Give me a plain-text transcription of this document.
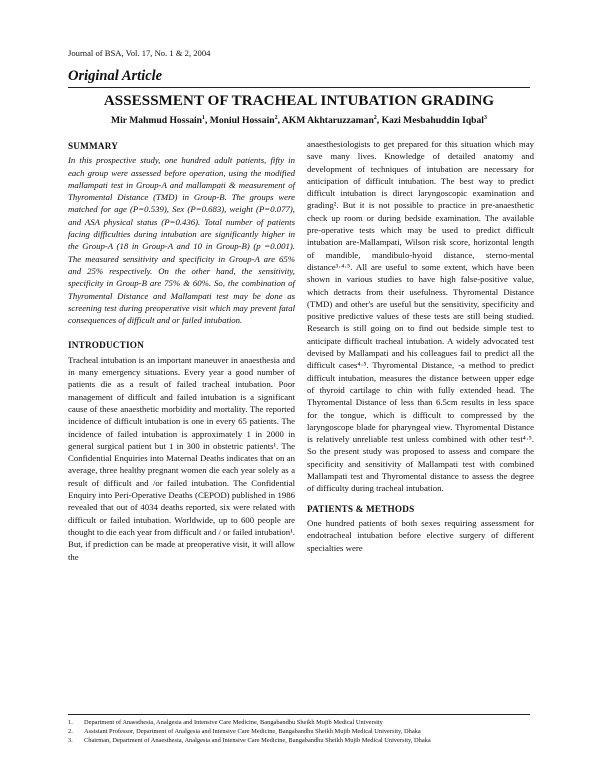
Journal of BSA, Vol. 17, No. 1 & 2, 2004
Original Article
ASSESSMENT OF TRACHEAL INTUBATION GRADING
Mir Mahmud Hossain$^1$, Moniul Hossain$^2$, AKM Akhtaruzzaman$^2$, Kazi Mesbahuddin Iqbal$^3$
SUMMARY

In this prospective study, one hundred adult patients, fifty in each group were assessed before operation, using the modified mallampati test in Group-A and mallampati & measurement of Thyromental Distance (TMD) in Group-B. The groups were matched for age (P=0.539), Sex (P=0.683), weight (P=0.077), and ASA physical status (P=0.436). Total number of patients facing difficulties during intubation are significantly higher in the Group-A (18 in Group-A and 10 in Group-B) (p =0.001). The measured sensitivity and specificity in Group-A are 65% and 25% respectively. On the other hand, the sensitivity, specificity in Group-B are 75% & 60%. So, the combination of Thyromental Distance and Mallampati test may be done as screening test during preoperative visit which may prevent fatal consequences of difficult and or failed intubation.

INTRODUCTION

Tracheal intubation is an important maneuver in anaesthesia and in many emergency situations. Every year a good number of patients die as a result of failed tracheal intubation. Poor management of difficult and failed intubation is a significant cause of these anaesthetic morbidity and mortality. The reported incidence of difficult intubation is one in every 65 patients. The incidence of failed intubation is approximately 1 in 2000 in general surgical patient but 1 in 300 in obstetric patients¹. The Confidential Enquiries into Maternal Deaths indicates that on an average, three healthy pregnant women die each year solely as a result of difficult and /or failed intubation. The Confidential Enquiry into Peri-Operative Deaths (CEPOD) published in 1986 revealed that out of 4034 deaths reported, six were related with difficult or failed intubation. Worldwide, up to 600 people are thought to die each year from difficult and / or failed intubation¹. But, if prediction can be made at preoperative visit, it will allow the

anaesthesiologists to get prepared for this situation which may save many lives. Knowledge of detailed anatomy and development of techniques of intubation are necessary for anticipation of difficult intubation. The best way to predict difficult intubation is direct laryngoscopic examination and grading². But it is not possible to practice in pre-anaesthetic check up room or during bedside examination. The available pre-operative tests which may be used to predict difficult intubation are-Mallampati, Wilson risk score, horizontal length of mandible, mandibulo-hyoid distance, sterno-mental distance³·⁴·⁵. All are useful to some extent, which have been shown in various studies to have high false-positive value, which detracts from their usefulness. Thyromental Distance (TMD) and other's are useful but the sensitivity, specificity and positive predictive values of these tests are still being studied. Research is still going on to find out bedside simple test to anticipate difficult tracheal intubation. A widely advocated test devised by Mallampati and his colleagues fail to predict all the difficult cases⁴·⁵. Thyromental Distance, -a method to predict difficult intubation, measures the distance between upper edge of thyroid cartilage to chin with fully extended head. The Thyromental Distance of less than 6.5cm results in less space for the tongue, which is difficult to compressed by the laryngoscope blade for pharyngeal view. Thyromental Distance is relatively unreliable test unless combined with other test⁴·⁵. So the present study was proposed to assess and compare the specificity and sensitivity of Mallampati test with combined Mallampati test and Thyromental distance to assess the degree of difficulty during tracheal intubation.

PATIENTS & METHODS

One hundred patients of both sexes requiring assessment for endotracheal intubation before elective surgery of different specialties were

1.	Department of Anaesthesia, Analgesia and Intensive Care Medicine, Bangabandhu Sheikh Mujib Medical University
2.	Assistant Professor, Department of Analgesia and Intensive Care Medicine, Bangabandhu Sheikh Mujib Medical University, Dhaka
3.	Chairman, Department of Anaesthesia, Analgesia and Intensive Care Medicine, Bangabandhu Sheikh Mujib Medical University, Dhaka
